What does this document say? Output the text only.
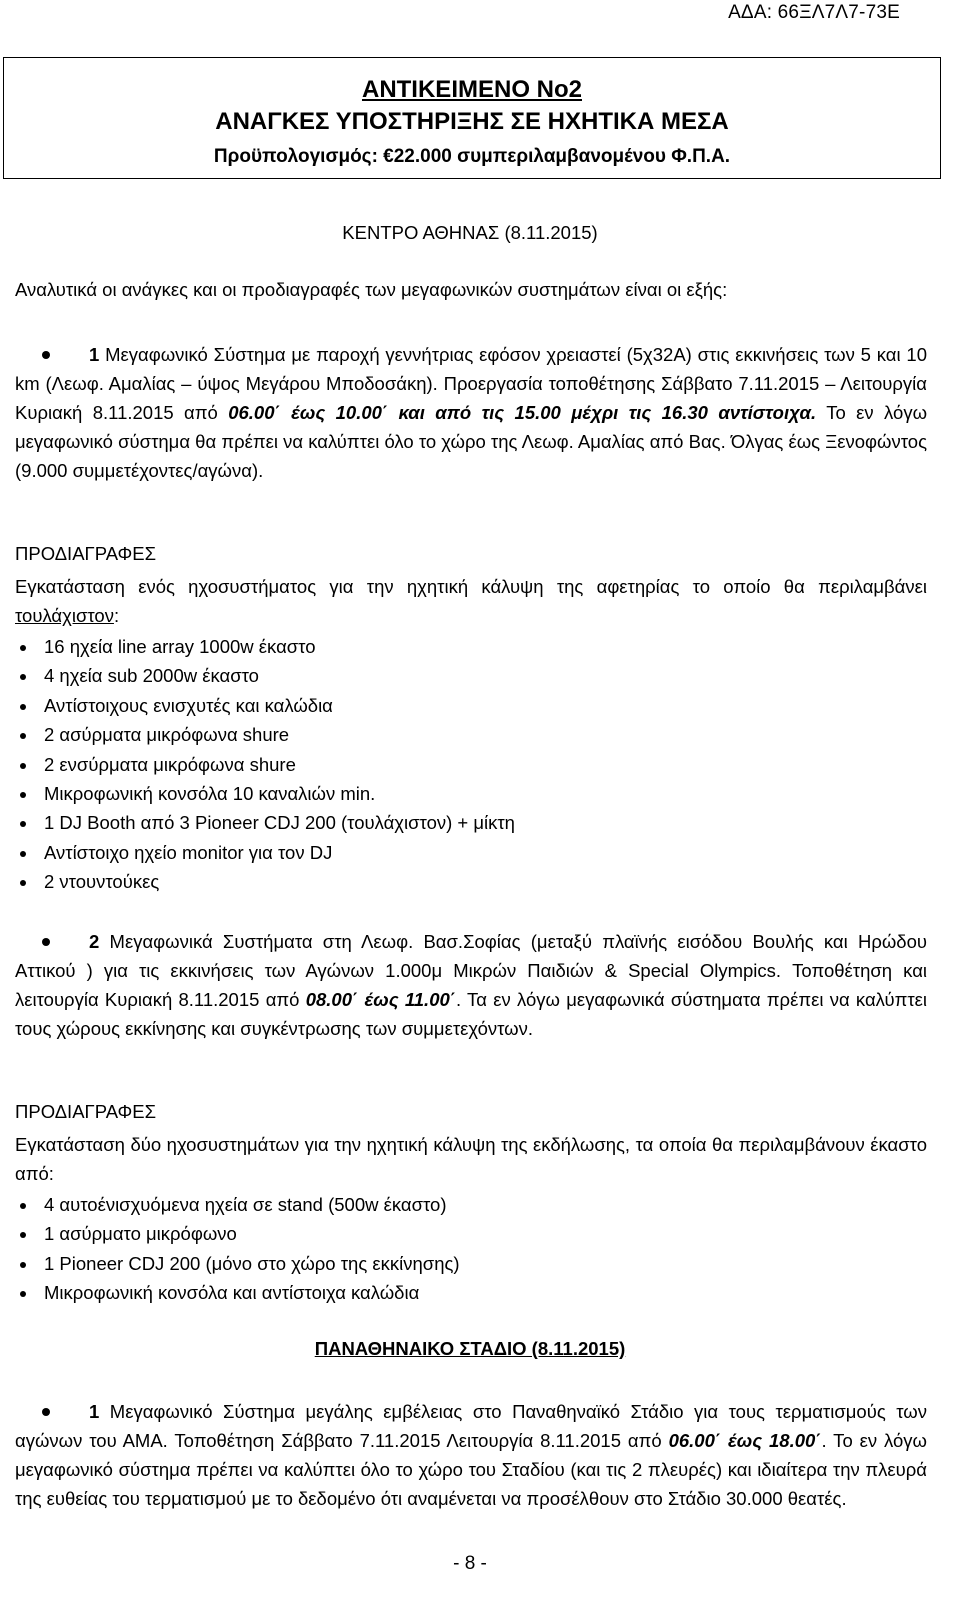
ΑΔΑ: 66ΞΛ7Λ7-73Ε
ΑΝΤΙΚΕΙΜΕΝΟ Νο2
ΑΝΑΓΚΕΣ ΥΠΟΣΤΗΡΙΞΗΣ ΣΕ ΗΧΗΤΙΚΑ ΜΕΣΑ
Προϋπολογισμός: €22.000 συμπεριλαμβανομένου Φ.Π.Α.
ΚΕΝΤΡΟ ΑΘΗΝΑΣ (8.11.2015)
Αναλυτικά οι ανάγκες και οι προδιαγραφές των μεγαφωνικών συστημάτων είναι οι εξής:
1 Μεγαφωνικό Σύστημα με παροχή γεννήτριας εφόσον χρειαστεί (5χ32Α) στις εκκινήσεις των 5 και 10 km (Λεωφ. Αμαλίας – ύψος Μεγάρου Μποδοσάκη). Προεργασία τοποθέτησης Σάββατο 7.11.2015 – Λειτουργία Κυριακή 8.11.2015 από 06.00΄ έως 10.00΄ και από τις 15.00 μέχρι τις 16.30 αντίστοιχα. Το εν λόγω μεγαφωνικό σύστημα θα πρέπει να καλύπτει όλο το χώρο της Λεωφ. Αμαλίας από Βας. Όλγας έως Ξενοφώντος (9.000 συμμετέχοντες/αγώνα).
ΠΡΟΔΙΑΓΡΑΦΕΣ
Εγκατάσταση ενός ηχοσυστήματος για την ηχητική κάλυψη της αφετηρίας το οποίο θα περιλαμβάνει τουλάχιστον:
16 ηχεία line array 1000w έκαστο
4 ηχεία sub 2000w έκαστο
Αντίστοιχους ενισχυτές και καλώδια
2 ασύρματα μικρόφωνα shure
2 ενσύρματα μικρόφωνα shure
Μικροφωνική κονσόλα 10 καναλιών min.
1 DJ Booth από 3 Pioneer CDJ 200 (τουλάχιστον) + μίκτη
Αντίστοιχο ηχείο monitor για τον DJ
2 ντουντούκες
2 Μεγαφωνικά Συστήματα στη Λεωφ. Βασ.Σοφίας (μεταξύ πλαϊνής εισόδου Βουλής και Ηρώδου Αττικού ) για τις εκκινήσεις των Αγώνων 1.000μ Μικρών Παιδιών & Special Olympics. Τοποθέτηση και λειτουργία Κυριακή 8.11.2015 από 08.00΄ έως 11.00΄. Τα εν λόγω μεγαφωνικά σύστηματα πρέπει να καλύπτει τους χώρους εκκίνησης και συγκέντρωσης των συμμετεχόντων.
ΠΡΟΔΙΑΓΡΑΦΕΣ
Εγκατάσταση δύο ηχοσυστημάτων για την ηχητική κάλυψη της εκδήλωσης, τα οποία θα περιλαμβάνουν έκαστο από:
4 αυτοένισχυόμενα ηχεία σε stand (500w έκαστο)
1 ασύρματο μικρόφωνο
1 Pioneer CDJ 200 (μόνο στο χώρο της εκκίνησης)
Μικροφωνική κονσόλα και αντίστοιχα καλώδια
ΠΑΝΑΘΗΝΑΙΚΟ ΣΤΑΔΙΟ (8.11.2015)
1 Μεγαφωνικό Σύστημα μεγάλης εμβέλειας στο Παναθηναϊκό Στάδιο για τους τερματισμούς των αγώνων του ΑΜΑ. Τοποθέτηση Σάββατο 7.11.2015 Λειτουργία 8.11.2015 από 06.00΄ έως 18.00΄. Το εν λόγω μεγαφωνικό σύστημα πρέπει να καλύπτει όλο το χώρο του Σταδίου (και τις 2 πλευρές) και ιδιαίτερα την πλευρά της ευθείας του τερματισμού με το δεδομένο ότι αναμένεται να προσέλθουν στο Στάδιο 30.000 θεατές.
- 8 -
